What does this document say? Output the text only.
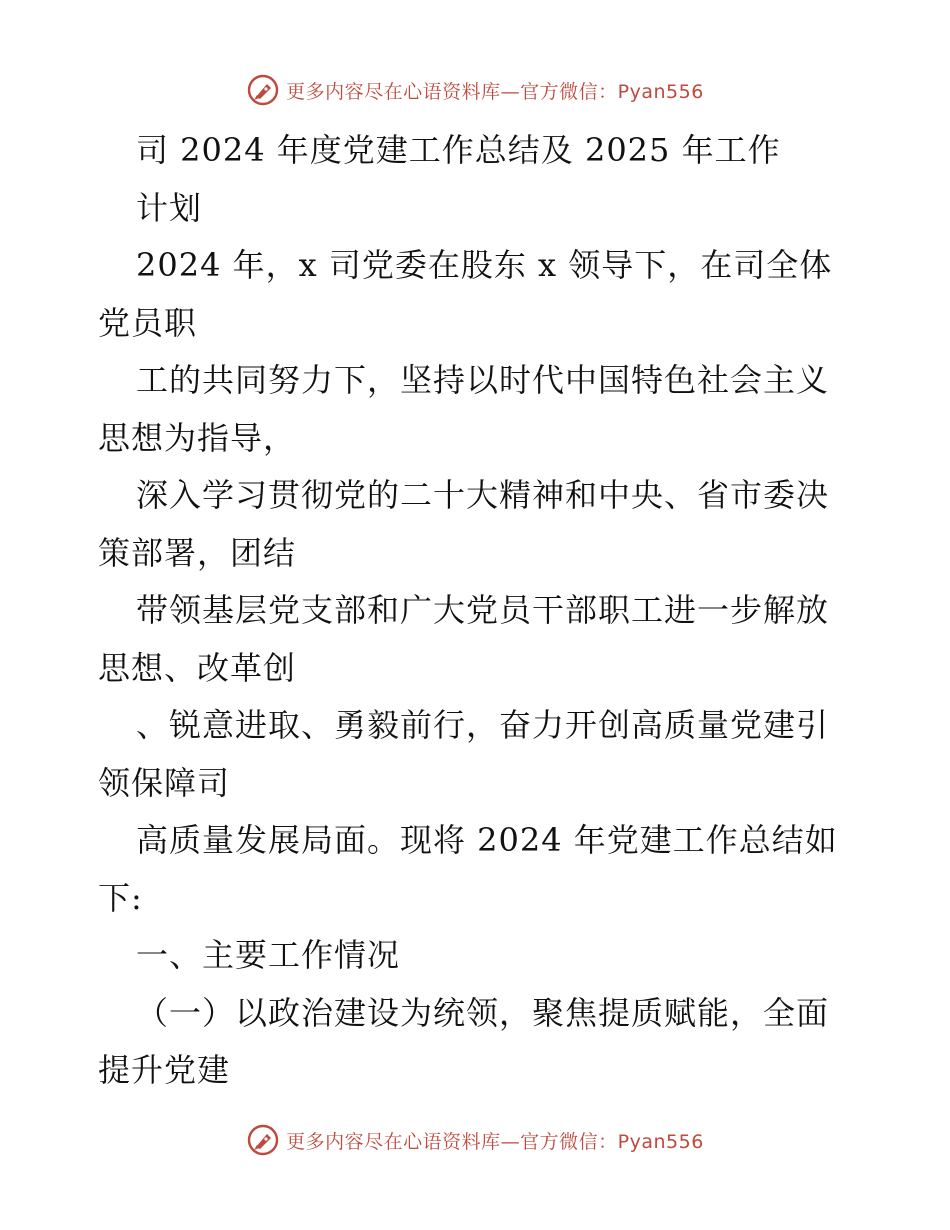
更多内容尽在心语资料库—官方微信：Pyan556
司 2024 年度党建工作总结及 2025 年工作
计划
2024 年，x 司党委在股东 x 领导下，在司全体
党员职
工的共同努力下，坚持以时代中国特色社会主义
思想为指导，
深入学习贯彻党的二十大精神和中央、省市委决
策部署，团结
带领基层党支部和广大党员干部职工进一步解放
思想、改革创
、锐意进取、勇毅前行，奋力开创高质量党建引
领保障司
高质量发展局面。现将 2024 年党建工作总结如
下:
一、主要工作情况
（一）以政治建设为统领，聚焦提质赋能，全面
提升党建
更多内容尽在心语资料库—官方微信：Pyan556
